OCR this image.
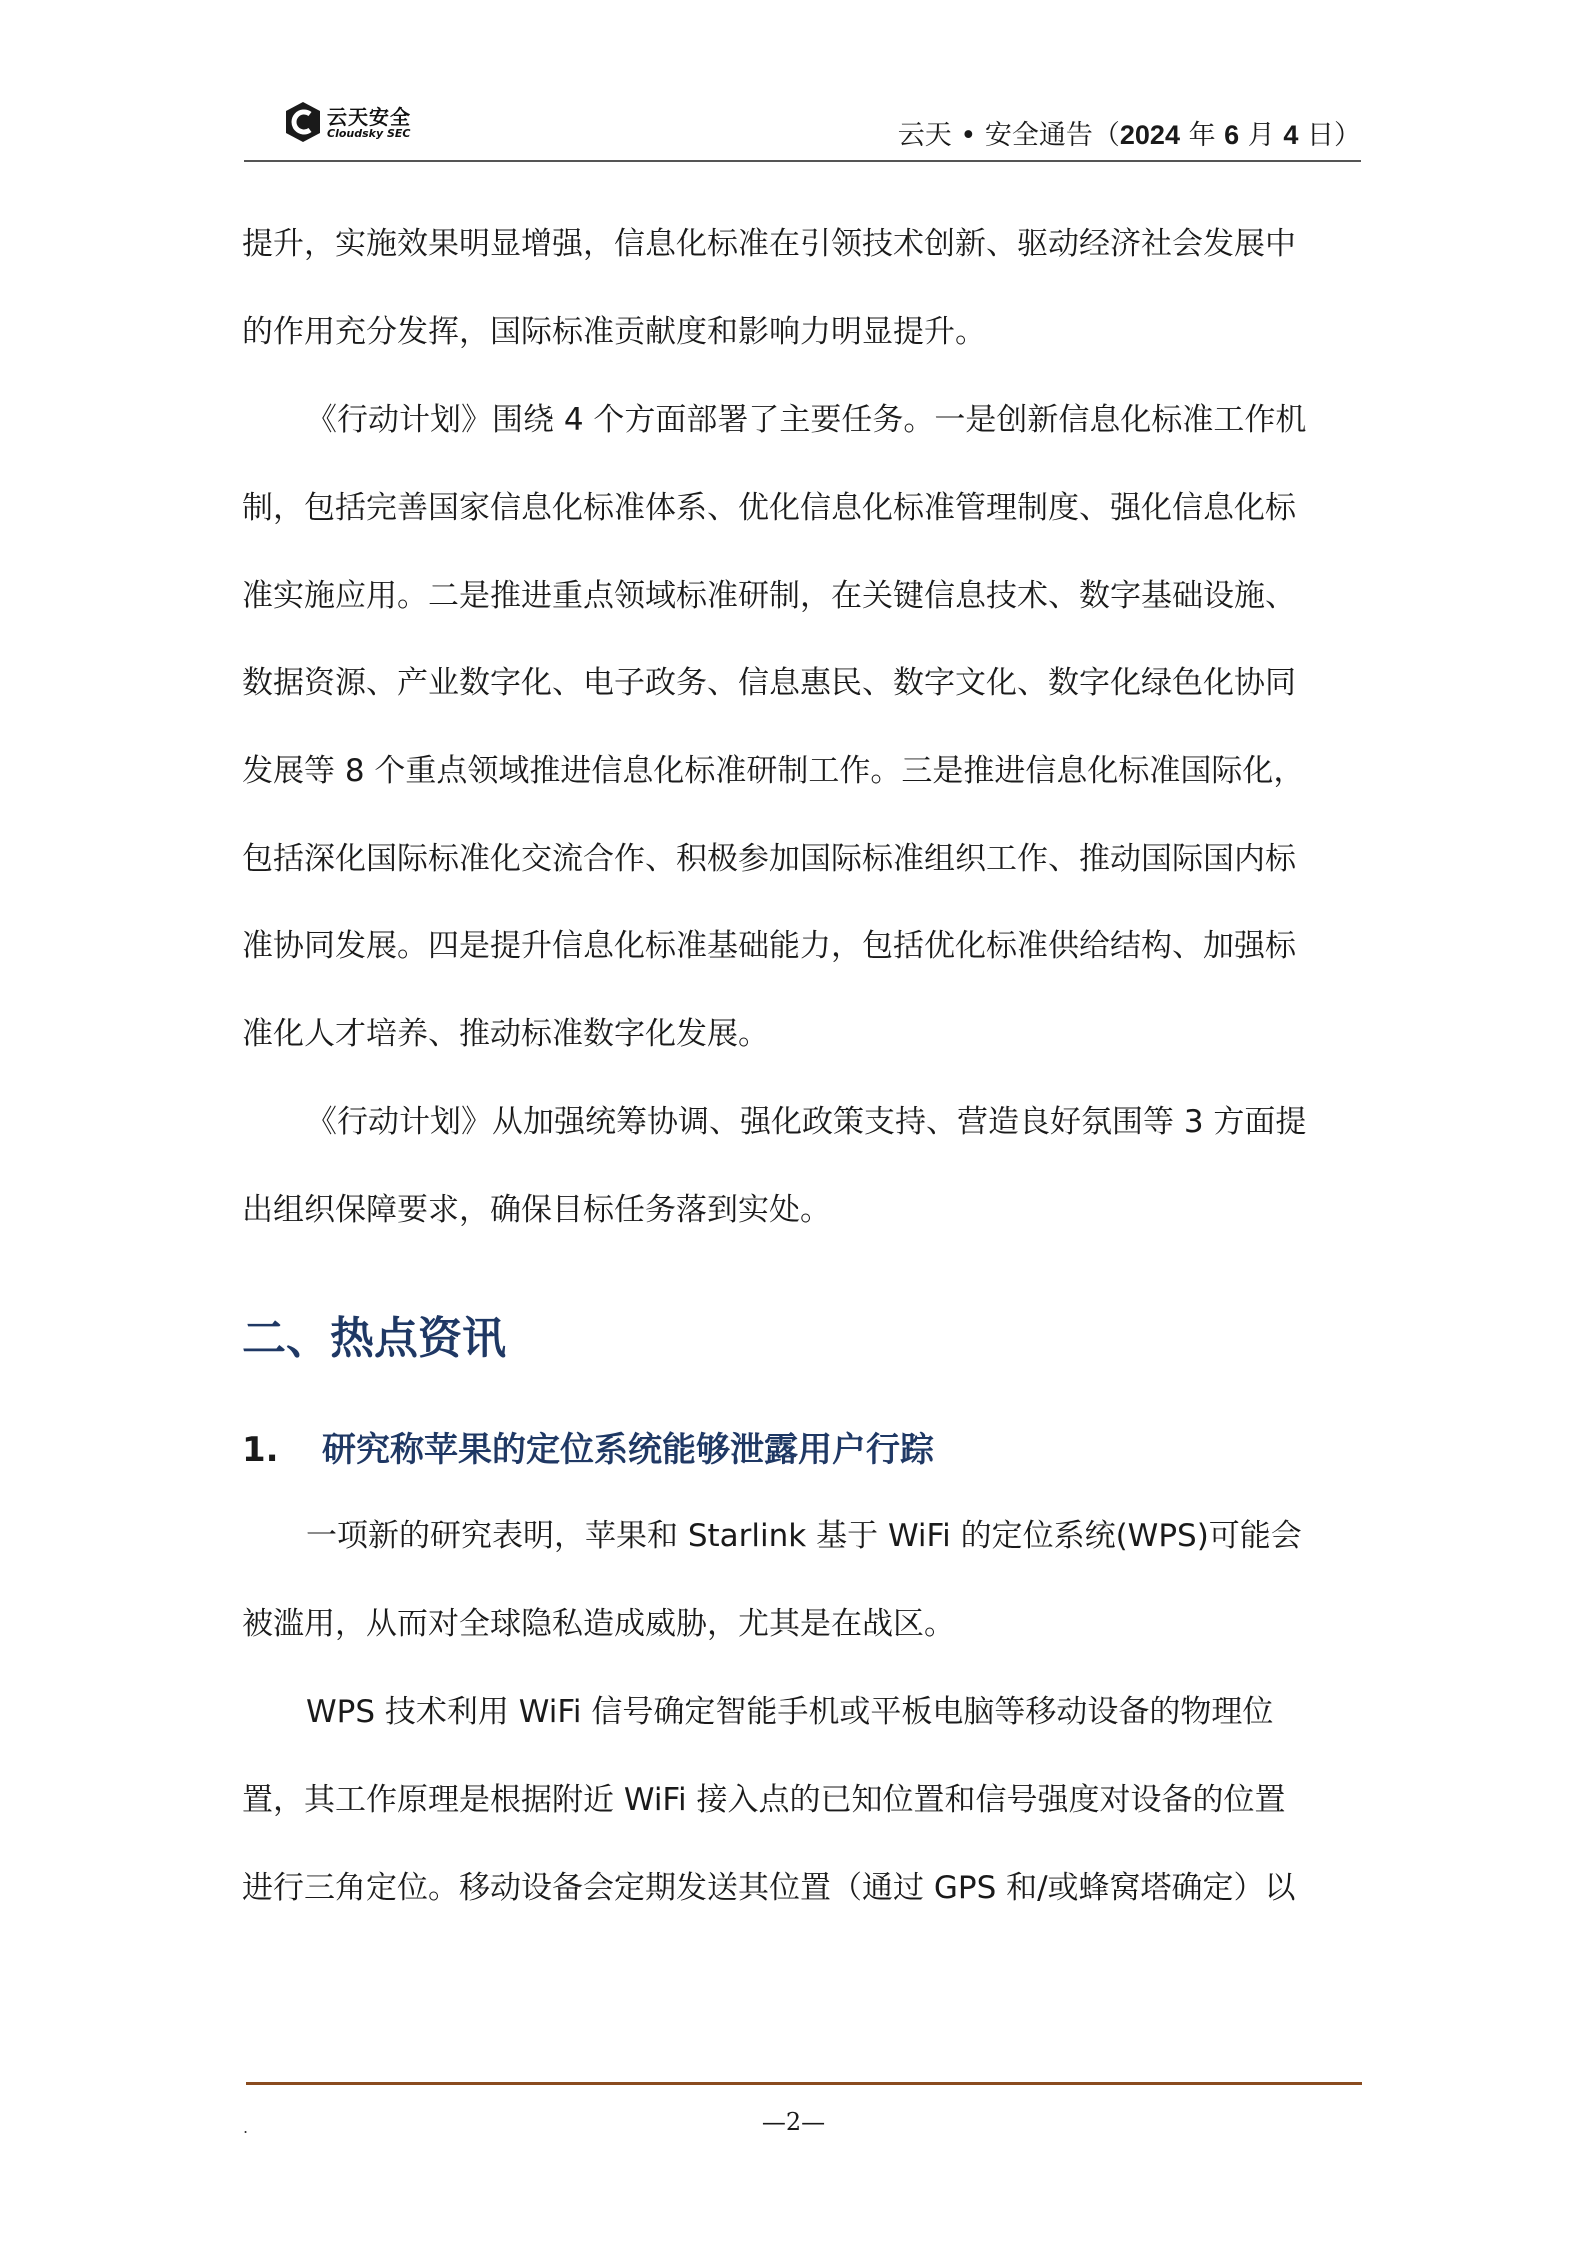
云天安全
Cloudsky SEC	云天 • 安全通告（2024 年 6 月 4 日）
提升，实施效果明显增强，信息化标准在引领技术创新、驱动经济社会发展中
的作用充分发挥，国际标准贡献度和影响力明显提升。
《行动计划》围绕 4 个方面部署了主要任务。一是创新信息化标准工作机
制，包括完善国家信息化标准体系、优化信息化标准管理制度、强化信息化标
准实施应用。二是推进重点领域标准研制，在关键信息技术、数字基础设施、
数据资源、产业数字化、电子政务、信息惠民、数字文化、数字化绿色化协同
发展等 8 个重点领域推进信息化标准研制工作。三是推进信息化标准国际化，
包括深化国际标准化交流合作、积极参加国际标准组织工作、推动国际国内标
准协同发展。四是提升信息化标准基础能力，包括优化标准供给结构、加强标
准化人才培养、推动标准数字化发展。
《行动计划》从加强统筹协调、强化政策支持、营造良好氛围等 3 方面提
出组织保障要求，确保目标任务落到实处。
二、热点资讯
1. 研究称苹果的定位系统能够泄露用户行踪
一项新的研究表明，苹果和 Starlink 基于 WiFi 的定位系统(WPS)可能会
被滥用，从而对全球隐私造成威胁，尤其是在战区。
WPS 技术利用 WiFi 信号确定智能手机或平板电脑等移动设备的物理位
置，其工作原理是根据附近 WiFi 接入点的已知位置和信号强度对设备的位置
进行三角定位。移动设备会定期发送其位置（通过 GPS 和/或蜂窝塔确定）以
.	—2—
